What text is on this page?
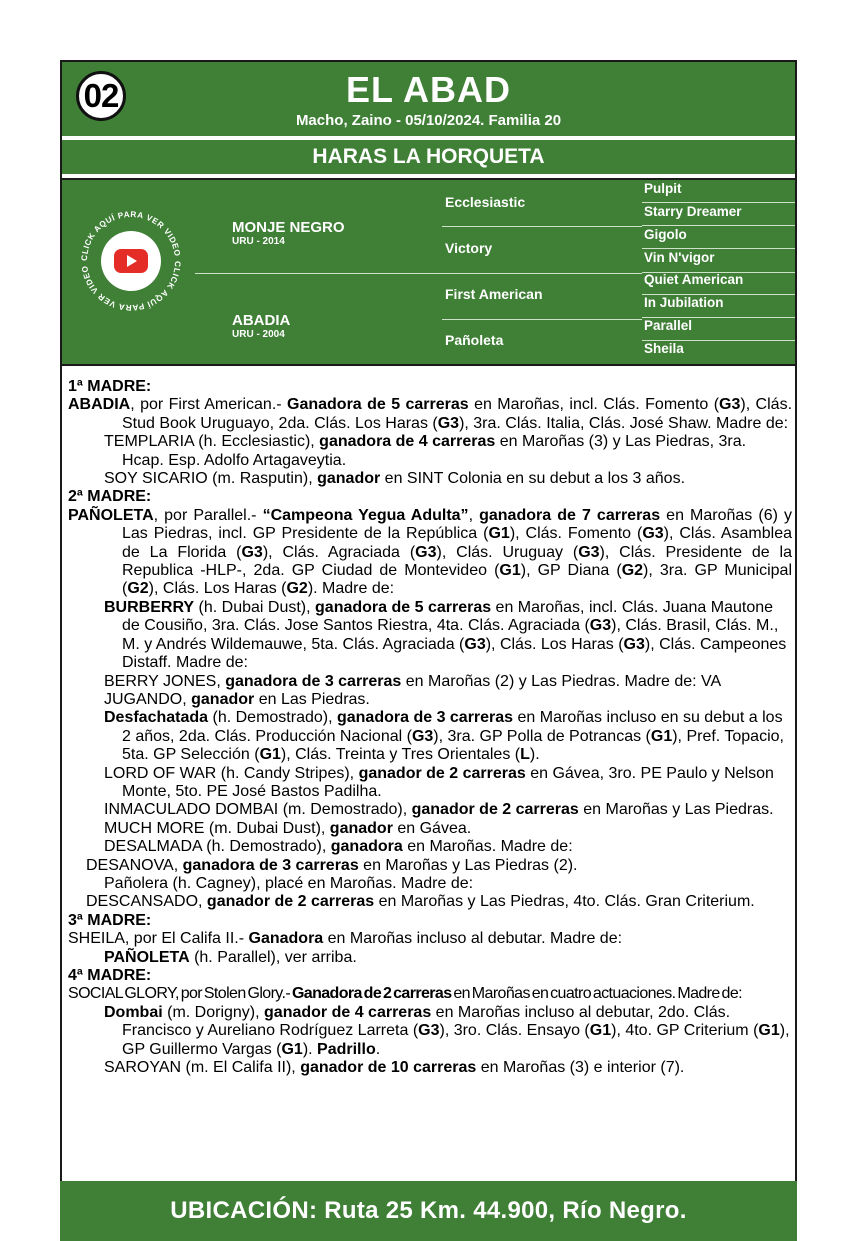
02	EL ABAD
Macho, Zaino - 05/10/2024. Familia 20
HARAS LA HORQUETA
CLICK AQUÍ PARA VER VIDEO
CLICK AQUÍ PARA VER VIDEO
MONJE NEGRO
URU - 2014
ABADIA
URU - 2004
Ecclesiastic
Victory
First American
Pañoleta
Pulpit
Starry Dreamer
Gigolo
Vin N'vigor
Quiet American
In Jubilation
Parallel
Sheila

1ª MADRE:

ABADIA, por First American.- Ganadora de 5 carreras en Maroñas, incl. Clás. Fomento (G3), Clás. Stud Book Uruguayo, 2da. Clás. Los Haras (G3), 3ra. Clás. Italia, Clás. José Shaw. Madre de:

TEMPLARIA (h. Ecclesiastic), ganadora de 4 carreras en Maroñas (3) y Las Piedras, 3ra. Hcap. Esp. Adolfo Artagaveytia.

SOY SICARIO (m. Rasputin), ganador en SINT Colonia en su debut a los 3 años.

2ª MADRE:

PAÑOLETA, por Parallel.- “Campeona Yegua Adulta”, ganadora de 7 carreras en Maroñas (6) y Las Piedras, incl. GP Presidente de la República (G1), Clás. Fomento (G3), Clás. Asamblea de La Florida (G3), Clás. Agraciada (G3), Clás. Uruguay (G3), Clás. Presidente de la Republica -HLP-, 2da. GP Ciudad de Montevideo (G1), GP Diana (G2), 3ra. GP Municipal (G2), Clás. Los Haras (G2). Madre de:

BURBERRY (h. Dubai Dust), ganadora de 5 carreras en Maroñas, incl. Clás. Juana Mautone de Cousiño, 3ra. Clás. Jose Santos Riestra, 4ta. Clás. Agraciada (G3), Clás. Brasil, Clás. M., M. y Andrés Wildemauwe, 5ta. Clás. Agraciada (G3), Clás. Los Haras (G3), Clás. Campeones Distaff. Madre de:

BERRY JONES, ganadora de 3 carreras en Maroñas (2) y Las Piedras. Madre de: VA JUGANDO, ganador en Las Piedras.

Desfachatada (h. Demostrado), ganadora de 3 carreras en Maroñas incluso en su debut a los 2 años, 2da. Clás. Producción Nacional (G3), 3ra. GP Polla de Potrancas (G1), Pref. Topacio, 5ta. GP Selección (G1), Clás. Treinta y Tres Orientales (L).

LORD OF WAR (h. Candy Stripes), ganador de 2 carreras en Gávea, 3ro. PE Paulo y Nelson Monte, 5to. PE José Bastos Padilha.

INMACULADO DOMBAI (m. Demostrado), ganador de 2 carreras en Maroñas y Las Piedras.

MUCH MORE (m. Dubai Dust), ganador en Gávea.

DESALMADA (h. Demostrado), ganadora en Maroñas. Madre de:

DESANOVA, ganadora de 3 carreras en Maroñas y Las Piedras (2).

Pañolera (h. Cagney), placé en Maroñas. Madre de:

DESCANSADO, ganador de 2 carreras en Maroñas y Las Piedras, 4to. Clás. Gran Criterium.

3ª MADRE:

SHEILA, por El Califa II.- Ganadora en Maroñas incluso al debutar. Madre de:

PAÑOLETA (h. Parallel), ver arriba.

4ª MADRE:

SOCIAL GLORY, por Stolen Glory.- Ganadora de 2 carreras en Maroñas en cuatro actuaciones. Madre de:

Dombai (m. Dorigny), ganador de 4 carreras en Maroñas incluso al debutar, 2do. Clás. Francisco y Aureliano Rodríguez Larreta (G3), 3ro. Clás. Ensayo (G1), 4to. GP Criterium (G1), GP Guillermo Vargas (G1). Padrillo.

SAROYAN (m. El Califa II), ganador de 10 carreras en Maroñas (3) e interior (7).

UBICACIÓN: Ruta 25 Km. 44.900, Río Negro.
